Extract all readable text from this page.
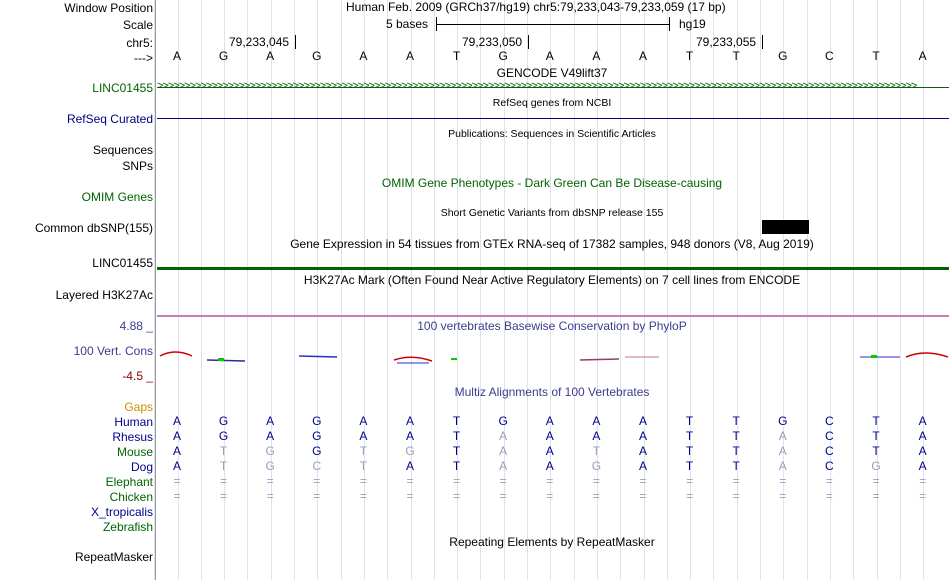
Window Position	Human Feb. 2009 (GRCh37/hg19) chr5:79,233,043-79,233,059 (17 bp)
Scale	5 bases	hg19
chr5:	79,233,045	79,233,050	79,233,055
--->	A	G	A	G	A	A	T	G	A	A	A	T	T	G	C	T	A
GENCODE V49lift37
LINC01455 >>>>>>>>>>>>>>>>>>>>>>>>>>>>>>>>>>>>>>>>>>>>>>>>>>>>>>>>>>>>>>>>>>>>>>>>>>>>>>>>>>>>>>>>>>>>>>>>>>>>>>>>>>>>>>>>>>>>>>>>>>>>>>>>>>>>>>>>>>>>
RefSeq genes from NCBI
RefSeq Curated
Publications: Sequences in Scientific Articles
Sequences
SNPs
OMIM Genes
OMIM Gene Phenotypes - Dark Green Can Be Disease-causing
Short Genetic Variants from dbSNP release 155
Common dbSNP(155)
Gene Expression in 54 tissues from GTEx RNA-seq of 17382 samples, 948 donors (V8, Aug 2019)
LINC01455
H3K27Ac Mark (Often Found Near Active Regulatory Elements) on 7 cell lines from ENCODE
Layered H3K27Ac
100 vertebrates Basewise Conservation by PhyloP
4.88 _
100 Vert. Cons
-4.5 _
Multiz Alignments of 100 Vertebrates
Gaps
Human	A	G	A	G	A	A	T	G	A	A	A	T	T	G	C	T	A
Rhesus	A	G	A	G	A	A	T	A	A	A	A	T	T	A	C	T	A
Mouse	A	T	G	G	T	G	T	A	A	T	A	T	T	A	C	T	A
Dog	A	T	G	C	T	A	T	A	A	G	A	T	T	A	C	G	A
Elephant	=	=	=	=	=	=	=	=	=	=	=	=	=	=	=	=	=
Chicken	=	=	=	=	=	=	=	=	=	=	=	=	=	=	=	=	=
X_tropicalis
Zebrafish
Repeating Elements by RepeatMasker
RepeatMasker
